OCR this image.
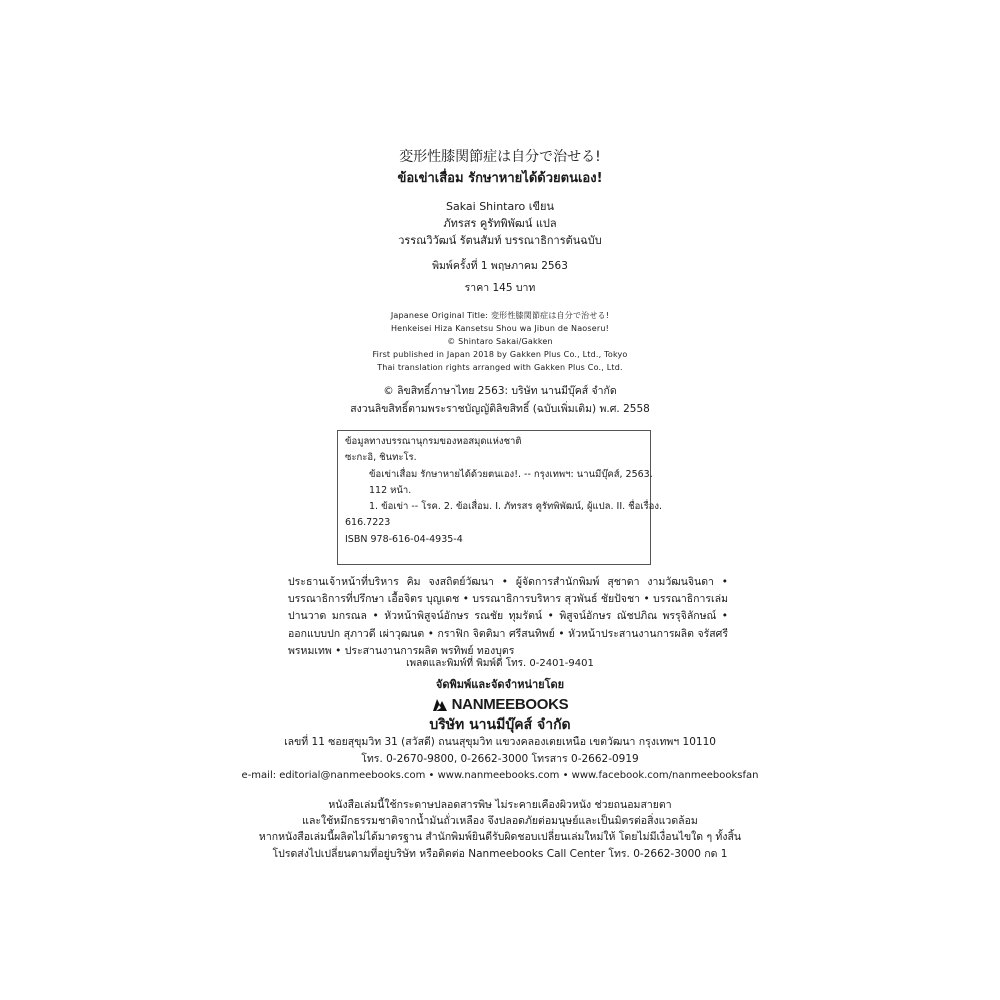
変形性膝関節症は自分で治せる!
ข้อเข่าเสื่อม รักษาหายได้ด้วยตนเอง!
Sakai Shintaro เขียน
ภัทรสร คูรัทพิพัฒน์ แปล
วรรณวิวัฒน์ รัตนสัมท์ บรรณาธิการต้นฉบับ
พิมพ์ครั้งที่ 1 พฤษภาคม 2563
ราคา 145 บาท
Japanese Original Title: 変形性膝関節症は自分で治せる!
Henkeisei Hiza Kansetsu Shou wa Jibun de Naoseru!
© Shintaro Sakai/Gakken
First published in Japan 2018 by Gakken Plus Co., Ltd., Tokyo
Thai translation rights arranged with Gakken Plus Co., Ltd.
© ลิขสิทธิ์ภาษาไทย 2563: บริษัท นานมีบุ๊คส์ จำกัด
สงวนลิขสิทธิ์ตามพระราชบัญญัติลิขสิทธิ์ (ฉบับเพิ่มเติม) พ.ศ. 2558
ข้อมูลทางบรรณานุกรมของหอสมุดแห่งชาติ
ซะกะอิ, ชินทะโร.
ข้อเข่าเสื่อม รักษาหายได้ด้วยตนเอง!. -- กรุงเทพฯ: นานมีบุ๊คส์, 2563.
112 หน้า.
1. ข้อเข่า -- โรค. 2. ข้อเสื่อม. I. ภัทรสร คูรัทพิพัฒน์, ผู้แปล. II. ชื่อเรื่อง.
616.7223
ISBN 978-616-04-4935-4
ประธานเจ้าหน้าที่บริหาร คิม จงสถิตย์วัฒนา • ผู้จัดการสำนักพิมพ์ สุชาดา งามวัฒนจินดา • บรรณาธิการที่ปรึกษา เอื้อจิตร บุญเดช • บรรณาธิการบริหาร สุวพันธ์ ชัยปัจชา • บรรณาธิการเล่ม ปานวาด มกรณล • หัวหน้าพิสูจน์อักษร รณชัย ทุมรัตน์ • พิสูจน์อักษร ณัชปภิณ พรรุจิลักษณ์ • ออกแบบปก สุภาวดี เผ่าวุฒนต • กราฟิก จิตติมา ศรีสนทิพย์ • หัวหน้าประสานงานการผลิต จรัสศรี พรหมเทพ • ประสานงานการผลิต พรทิพย์ ทองบุตร
เพลตและพิมพ์ที่ พิมพ์ดี โทร. 0-2401-9401
จัดพิมพ์และจัดจำหน่ายโดย
NANMEEBOOKS
บริษัท นานมีบุ๊คส์ จำกัด
เลขที่ 11 ซอยสุขุมวิท 31 (สวัสดี) ถนนสุขุมวิท แขวงคลองเตยเหนือ เขตวัฒนา กรุงเทพฯ 10110
โทร. 0-2670-9800, 0-2662-3000 โทรสาร 0-2662-0919
e-mail: editorial@nanmeebooks.com • www.nanmeebooks.com • www.facebook.com/nanmeebooksfan
หนังสือเล่มนี้ใช้กระดาษปลอดสารพิษ ไม่ระคายเคืองผิวหนัง ช่วยถนอมสายตา
และใช้หมึกธรรมชาติจากน้ำมันถั่วเหลือง จึงปลอดภัยต่อมนุษย์และเป็นมิตรต่อสิ่งแวดล้อม
หากหนังสือเล่มนี้ผลิตไม่ได้มาตรฐาน สำนักพิมพ์ยินดีรับผิดชอบเปลี่ยนเล่มใหม่ให้ โดยไม่มีเงื่อนไขใด ๆ ทั้งสิ้น
โปรดส่งไปเปลี่ยนตามที่อยู่บริษัท หรือติดต่อ Nanmeebooks Call Center โทร. 0-2662-3000 กด 1
